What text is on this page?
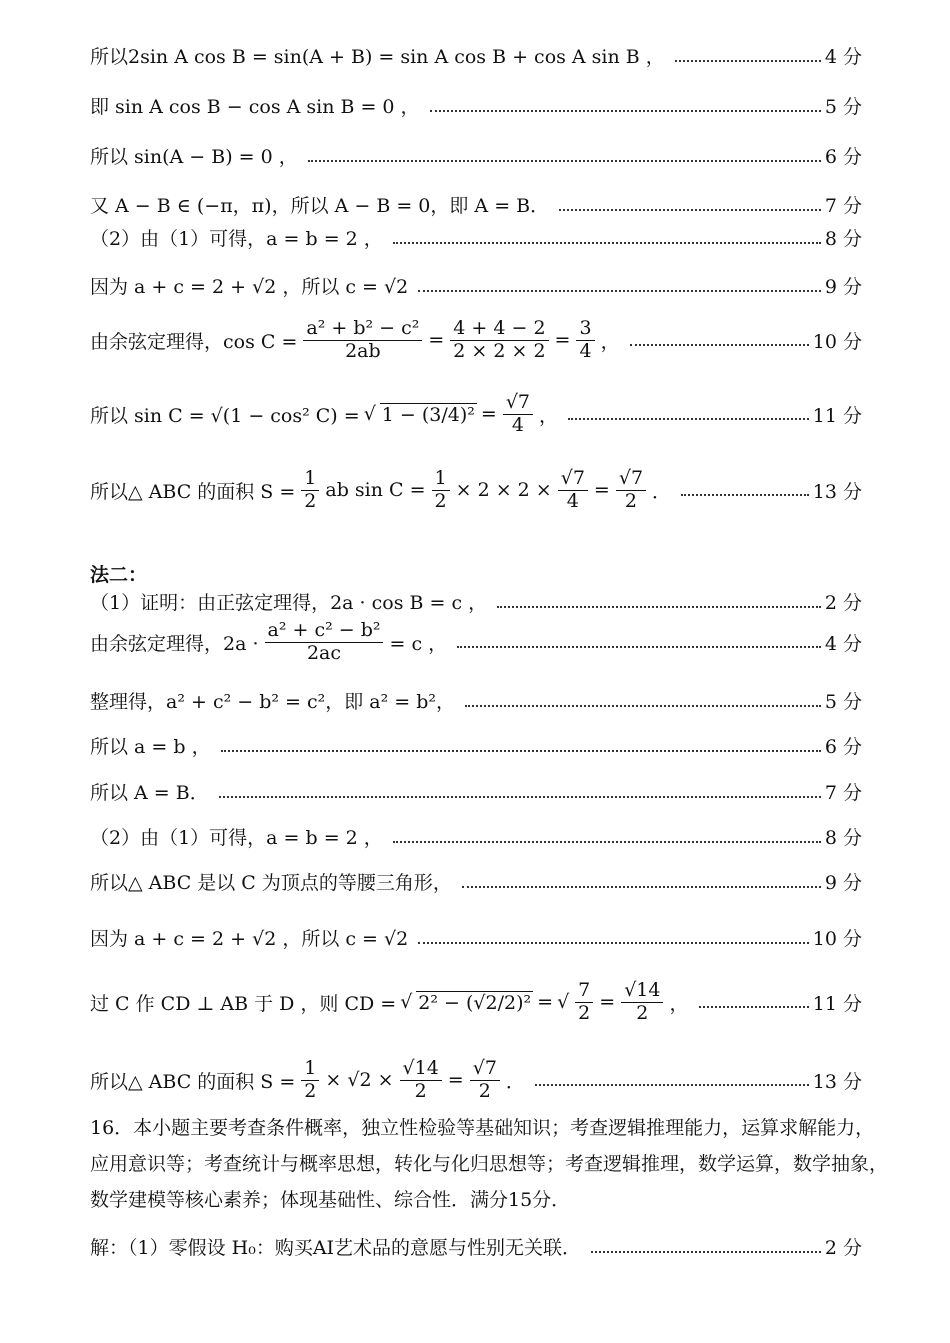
所以2sin A cos B = sin(A + B) = sin A cos B + cos A sin B ，	4 分
即 sin A cos B − cos A sin B = 0 ，	5 分
所以 sin(A − B) = 0 ，	6 分
又 A − B ∈ (−π，π)，所以 A − B = 0，即 A = B．	7 分
（2）由（1）可得，a = b = 2 ，	8 分
因为 a + c = 2 + √2 ，所以 c = √2	9 分
由余弦定理得，$\cos C = \frac{\text{a² + b² − c²}}{2ab} = \frac{4 + 4 - 2}{2 \times 2 \times 2} = \frac{3}{4}$ ，	10 分
所以 sin C = √(1 − cos² C) = √ $1 - (3/4)^2 = \frac{√7}{4}$ ，	11 分
所以△ ABC 的面积 $S = \frac{1}{2}$ ab $\sin C = \frac{1}{2} \times 2 \times 2 \times \frac{√7}{4} = \frac{√7}{2}$ ．	13 分
法二：
（1）证明：由正弦定理得，2a · cos B = c ，	2 分
由余弦定理得，$2a \cdot \frac{\text{a² + c² − b²}}{2ac} = c$ ，	4 分
整理得，a² + c² − b² = c²，即 a² = b²，	5 分
所以 a = b ，	6 分
所以 A = B．	7 分
（2）由（1）可得，a = b = 2 ，	8 分
所以△ ABC 是以 C 为顶点的等腰三角形，	9 分
因为 a + c = 2 + √2 ，所以 c = √2	10 分
过 C 作 CD ⊥ AB 于 D ，则 CD = √ 2² − (√2/2)² =
√ $\frac{7}{2} = \frac{√14}{2}$ ，	11 分
所以△ ABC 的面积 $S = \frac{1}{2} \times √2 \times \frac{√14}{2} = \frac{√7}{2}$ ．	13 分
16．本小题主要考查条件概率，独立性检验等基础知识；考查逻辑推理能力，运算求解能力，应用意识等；考查统计与概率思想，转化与化归思想等；考查逻辑推理，数学运算，数学抽象，数学建模等核心素养；体现基础性、综合性．满分15分．
解：（1）零假设 H₀：购买AI艺术品的意愿与性别无关联．	2 分
